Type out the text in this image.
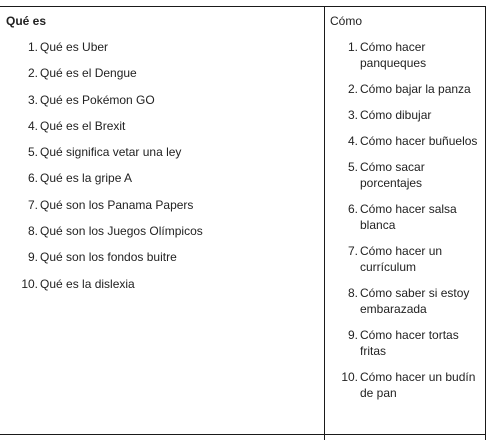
Qué es
1. Qué es Uber
2. Qué es el Dengue
3. Qué es Pokémon GO
4. Qué es el Brexit
5. Qué significa vetar una ley
6. Qué es la gripe A
7. Qué son los Panama Papers
8. Qué son los Juegos Olímpicos
9. Qué son los fondos buitre
10. Qué es la dislexia
Cómo
1. Cómo hacer panqueques
2. Cómo bajar la panza
3. Cómo dibujar
4. Cómo hacer buñuelos
5. Cómo sacar porcentajes
6. Cómo hacer salsa blanca
7. Cómo hacer un currículum
8. Cómo saber si estoy embarazada
9. Cómo hacer tortas fritas
10. Cómo hacer un budín de pan
